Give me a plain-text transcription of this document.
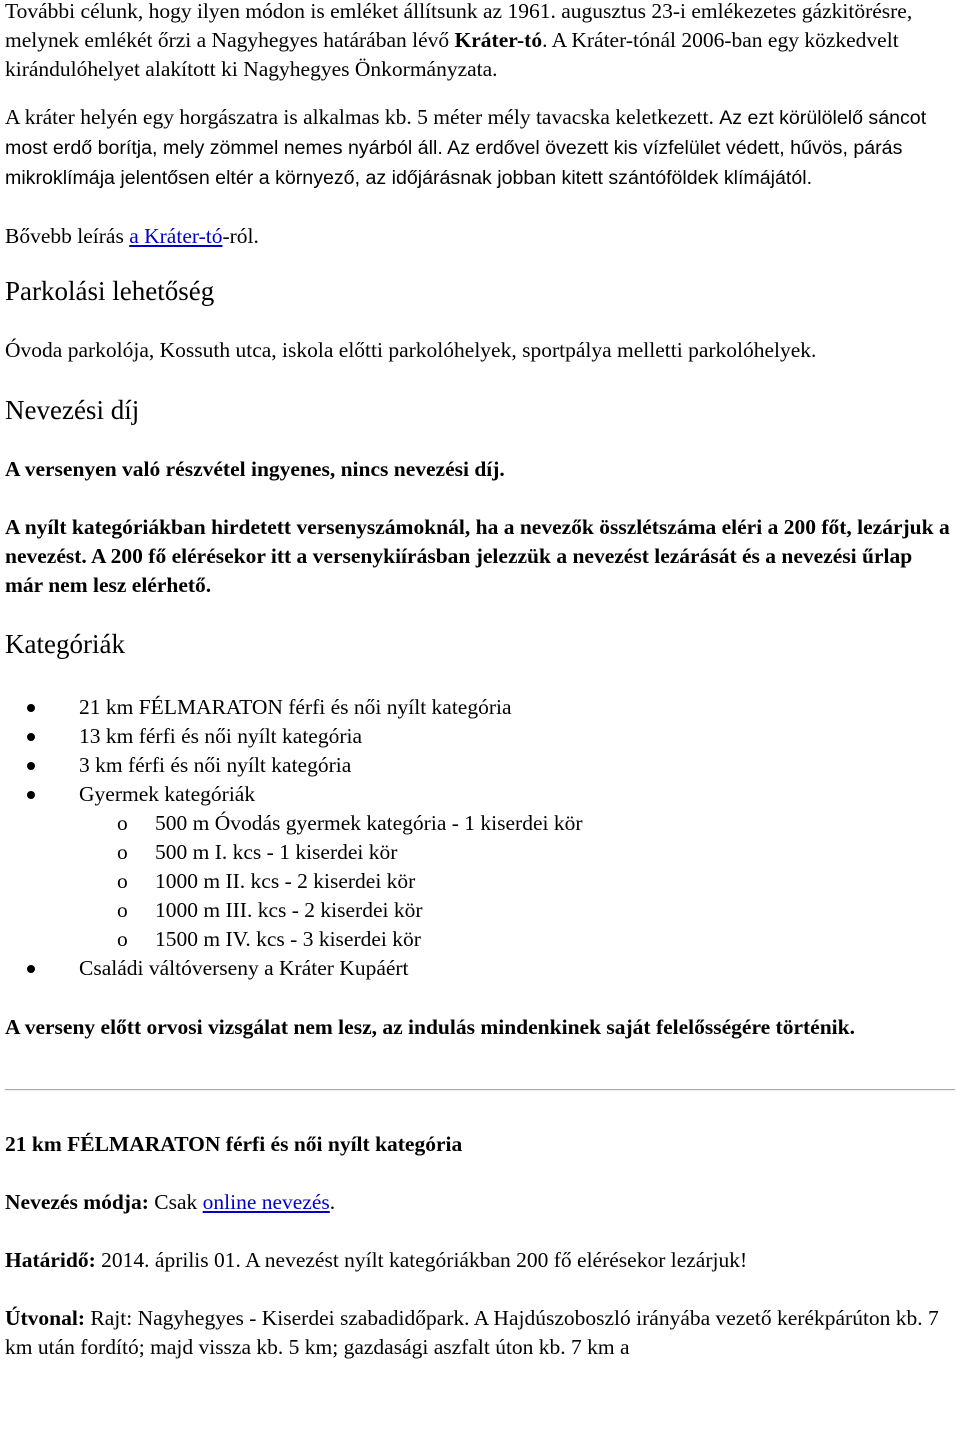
További célunk, hogy ilyen módon is emléket állítsunk az 1961. augusztus 23-i emlékezetes gázkitörésre, melynek emlékét őrzi a Nagyhegyes határában lévő Kráter-tó. A Kráter-tónál 2006-ban egy közkedvelt kirándulóhelyet alakított ki Nagyhegyes Önkormányzata.

A kráter helyén egy horgászatra is alkalmas kb. 5 méter mély tavacska keletkezett. Az ezt körülölelő sáncot most erdő borítja, mely zömmel nemes nyárból áll. Az erdővel övezett kis vízfelület védett, hűvös, párás mikroklímája jelentősen eltér a környező, az időjárásnak jobban kitett szántóföldek klímájától.

Bővebb leírás a Kráter-tó-ról.

Parkolási lehetőség

Óvoda parkolója, Kossuth utca, iskola előtti parkolóhelyek, sportpálya melletti parkolóhelyek.

Nevezési díj

A versenyen való részvétel ingyenes, nincs nevezési díj.

A nyílt kategóriákban hirdetett versenyszámoknál, ha a nevezők összlétszáma eléri a 200 főt, lezárjuk a nevezést. A 200 fő elérésekor itt a versenykiírásban jelezzük a nevezést lezárását és a nevezési űrlap már nem lesz elérhető.

Kategóriák
21 km FÉLMARATON férfi és női nyílt kategória
13 km férfi és női nyílt kategória
3 km férfi és női nyílt kategória
Gyermek kategóriák
o 500 m Óvodás gyermek kategória - 1 kiserdei kör
o 500 m I. kcs - 1 kiserdei kör
o 1000 m II. kcs - 2 kiserdei kör
o 1000 m III. kcs - 2 kiserdei kör
o 1500 m IV. kcs - 3 kiserdei kör
Családi váltóverseny a Kráter Kupáért

A verseny előtt orvosi vizsgálat nem lesz, az indulás mindenkinek saját felelősségére történik.

21 km FÉLMARATON férfi és női nyílt kategória

Nevezés módja: Csak online nevezés.

Határidő: 2014. április 01. A nevezést nyílt kategóriákban 200 fő elérésekor lezárjuk!

Útvonal: Rajt: Nagyhegyes - Kiserdei szabadidőpark. A Hajdúszoboszló irányába vezető kerékpárúton kb. 7 km után fordító; majd vissza kb. 5 km; gazdasági aszfalt úton kb. 7 km a
